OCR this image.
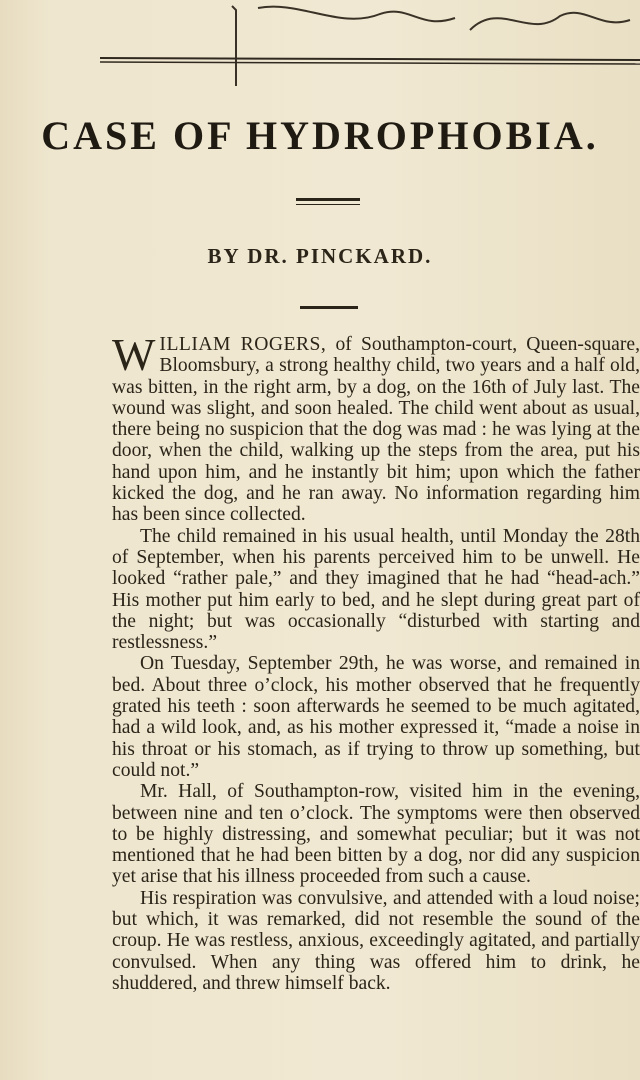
CASE OF HYDROPHOBIA.
BY DR. PINCKARD.

WILLIAM ROGERS, of Southampton-court, Queen-square, Bloomsbury, a strong healthy child, two years and a half old, was bitten, in the right arm, by a dog, on the 16th of July last. The wound was slight, and soon healed. The child went about as usual, there being no suspicion that the dog was mad : he was lying at the door, when the child, walking up the steps from the area, put his hand upon him, and he instantly bit him; upon which the father kicked the dog, and he ran away. No information regarding him has been since collected.

The child remained in his usual health, until Monday the 28th of September, when his parents perceived him to be unwell. He looked “rather pale,” and they imagined that he had “head-ach.” His mother put him early to bed, and he slept during great part of the night; but was occasionally “disturbed with starting and restlessness.”

On Tuesday, September 29th, he was worse, and remained in bed. About three o’clock, his mother observed that he frequently grated his teeth : soon afterwards he seemed to be much agitated, had a wild look, and, as his mother expressed it, “made a noise in his throat or his stomach, as if trying to throw up something, but could not.”

Mr. Hall, of Southampton-row, visited him in the evening, between nine and ten o’clock. The symptoms were then observed to be highly distressing, and somewhat peculiar; but it was not mentioned that he had been bitten by a dog, nor did any suspicion yet arise that his illness proceeded from such a cause.

His respiration was convulsive, and attended with a loud noise; but which, it was remarked, did not resemble the sound of the croup. He was restless, anxious, exceedingly agitated, and partially convulsed. When any thing was offered him to drink, he shuddered, and threw himself back.
